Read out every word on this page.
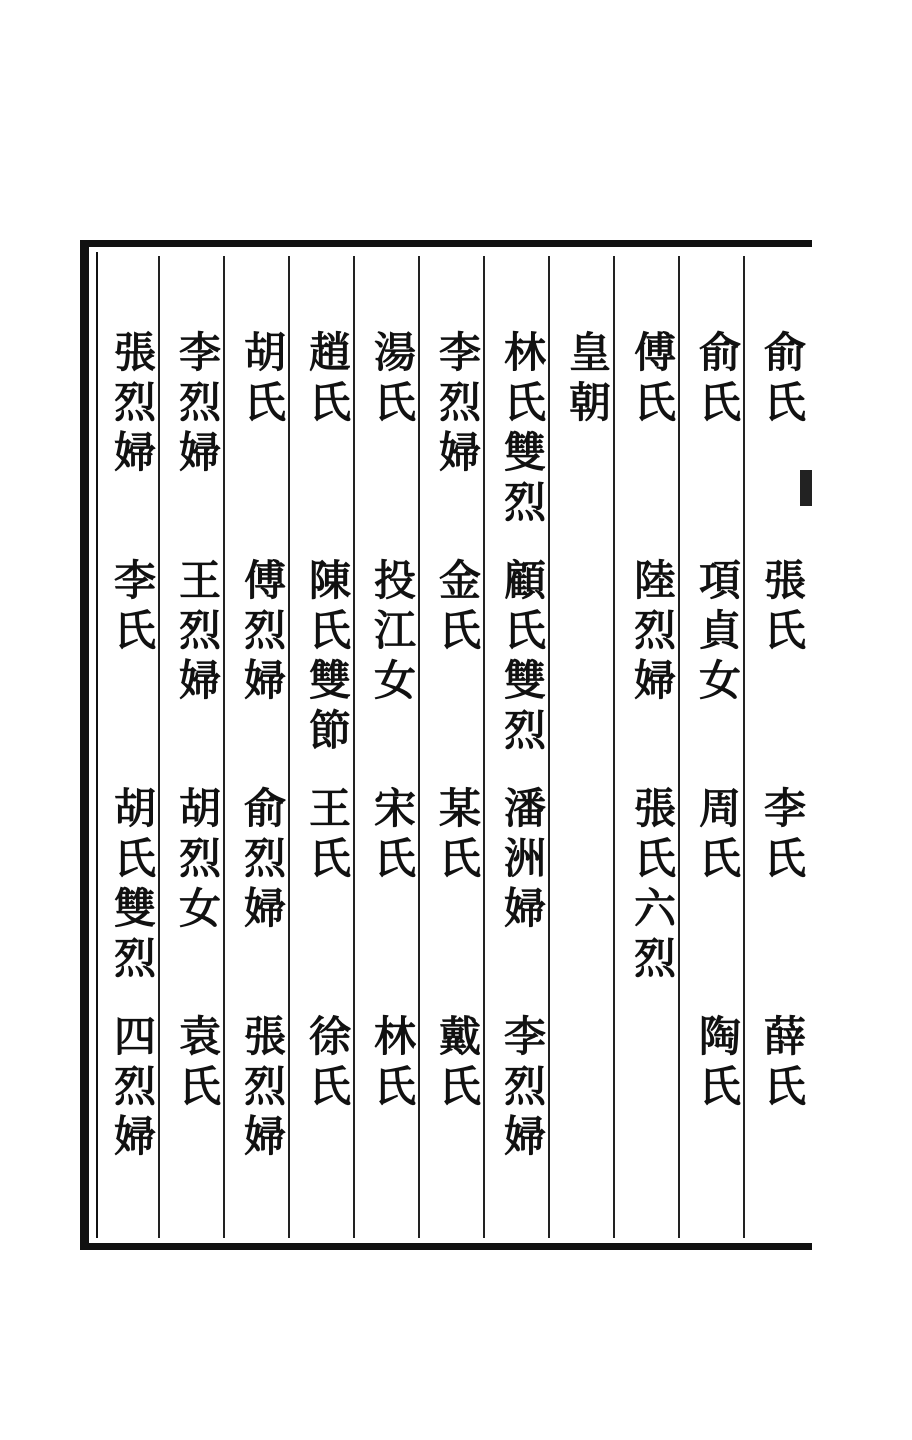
俞氏
張氏
李氏
薛氏
俞氏
項貞女
周氏
陶氏
傅氏
陸烈婦
張氏六烈
皇朝
林氏雙烈
顧氏雙烈
潘洲婦
李烈婦
李烈婦
金氏
某氏
戴氏
湯氏
投江女
宋氏
林氏
趙氏
陳氏雙節
王氏
徐氏
胡氏
傅烈婦
俞烈婦
張烈婦
李烈婦
王烈婦
胡烈女
袁氏
張烈婦
李氏
胡氏雙烈
四烈婦
